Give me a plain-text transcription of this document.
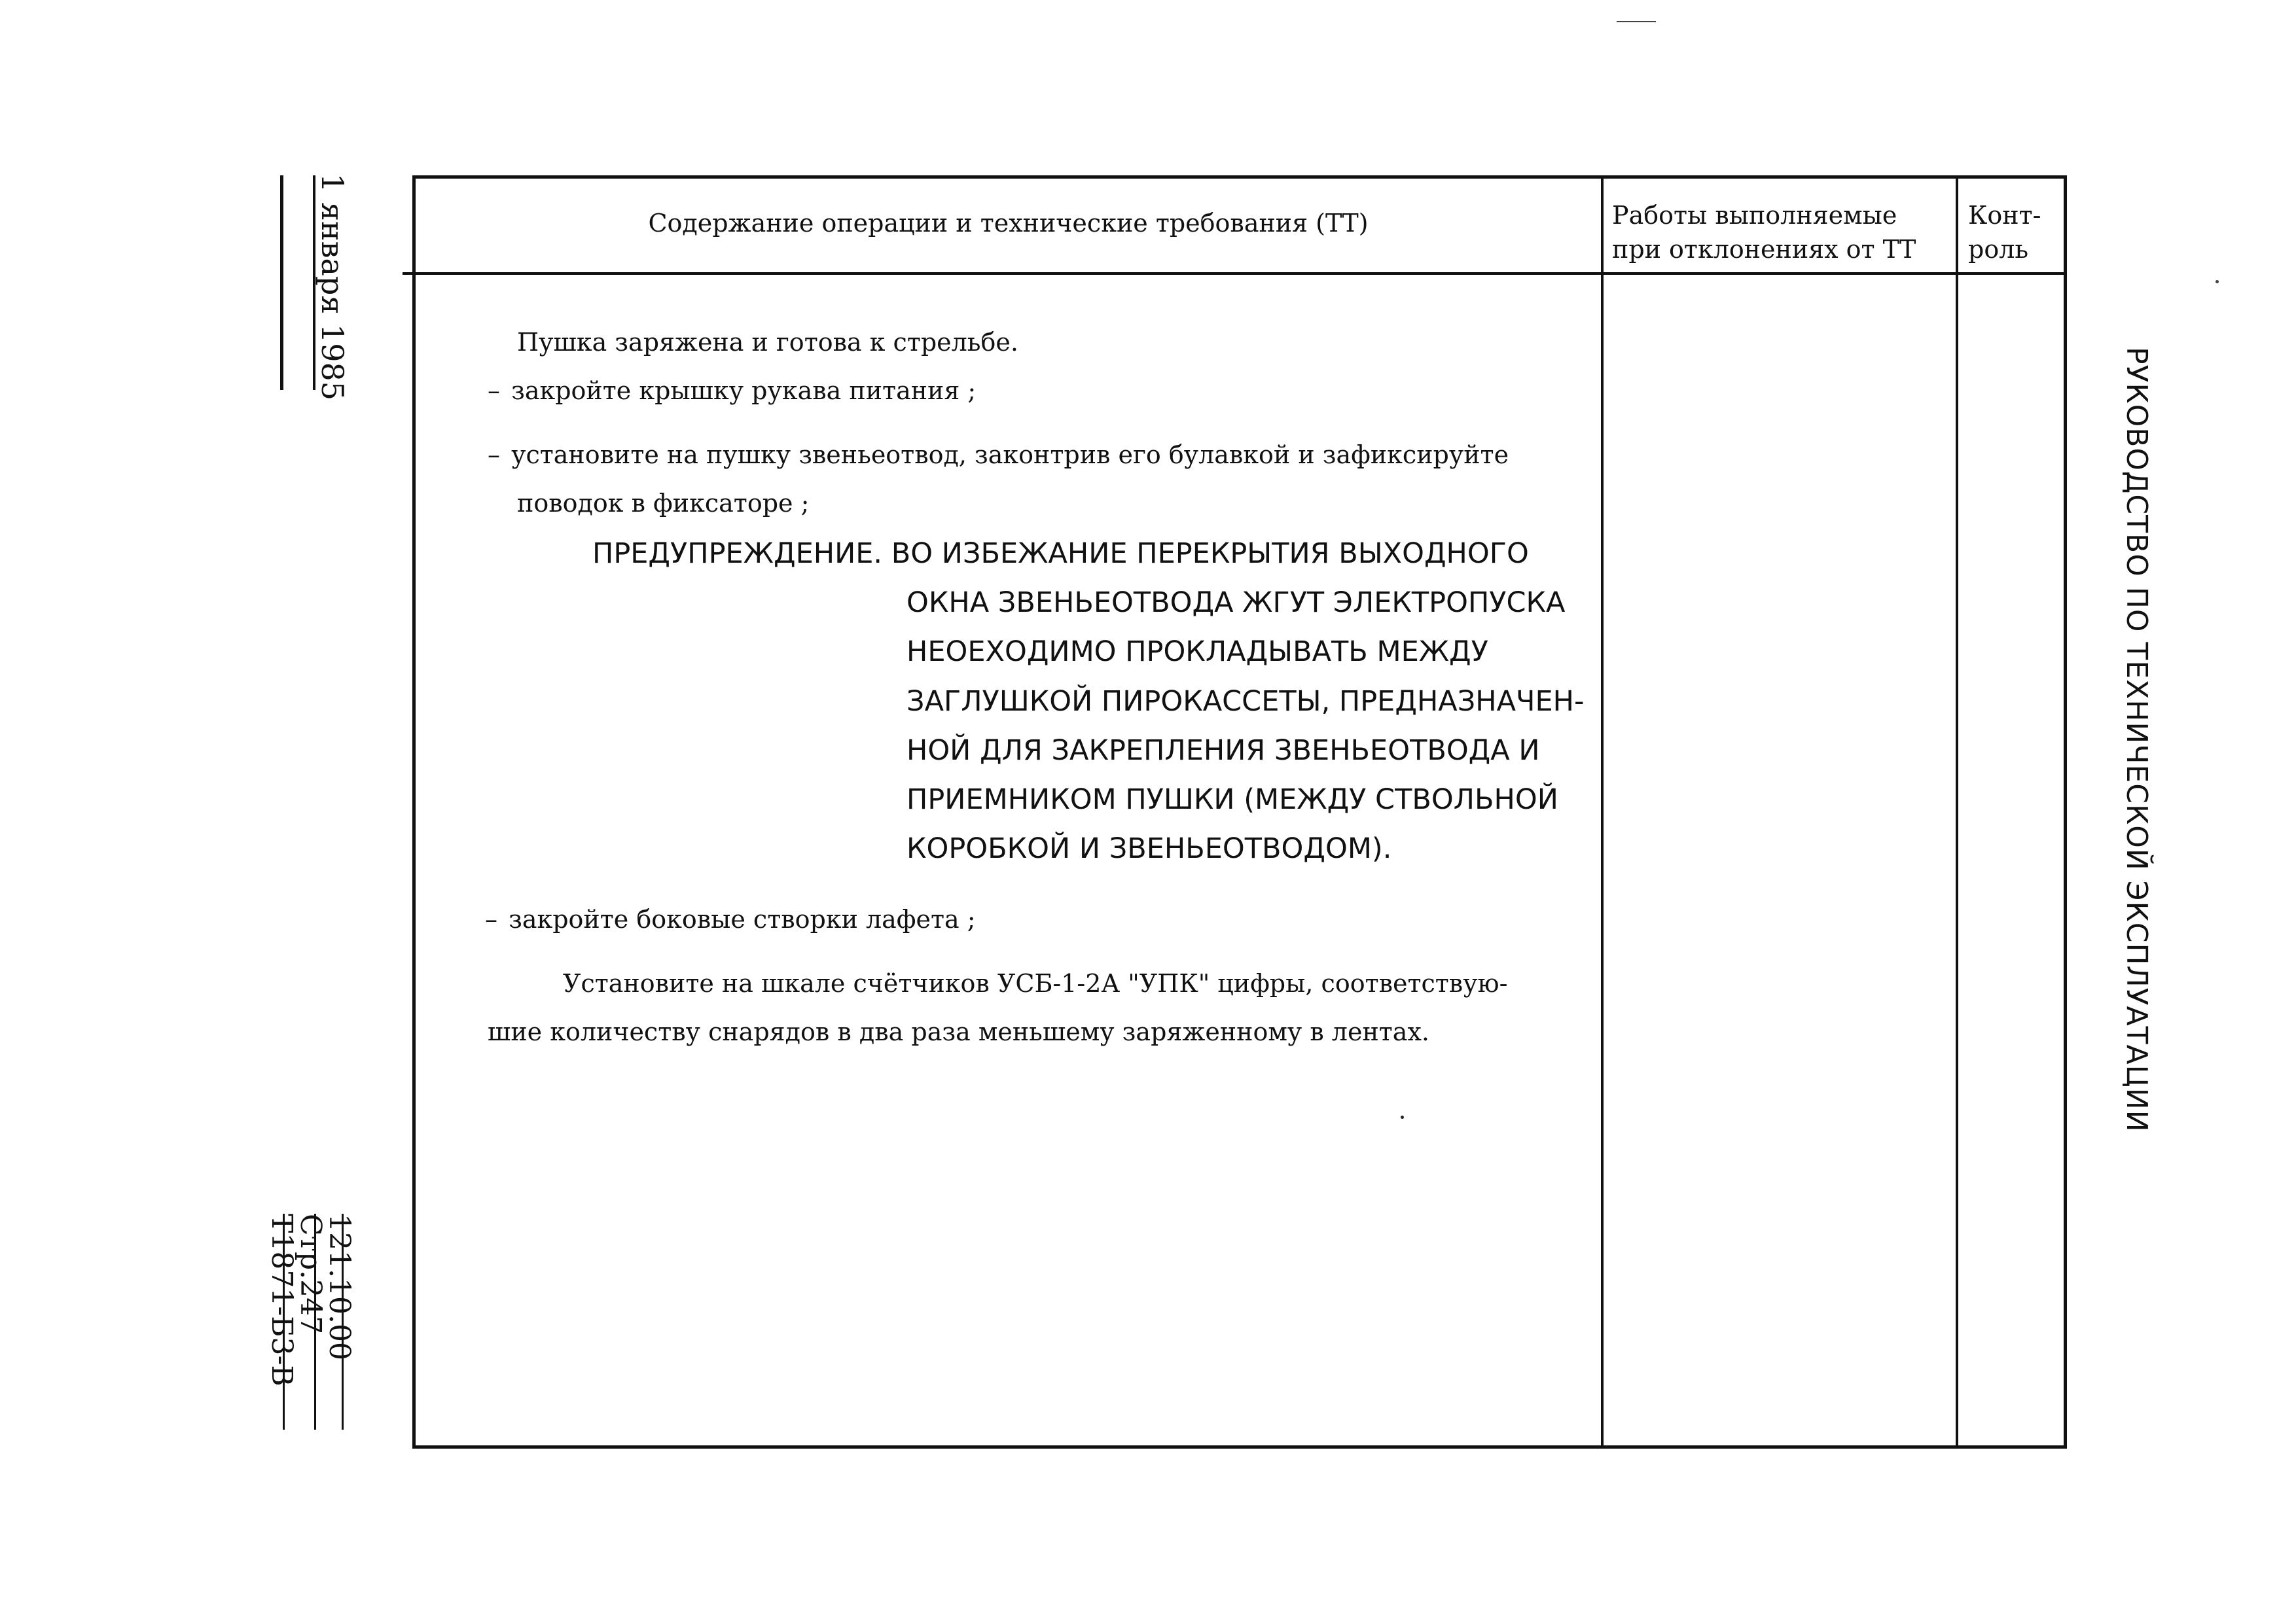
1 января 1985
121.10.00
Стр.247
Т1871-Б3-В
РУКОВОДСТВО ПО ТЕХНИЧЕСКОЙ ЭКСПЛУАТАЦИИ
Содержание операции и технические требования (ТТ)	Работы выполняемые
при отклонениях от ТТ
Конт-
роль
Пушка заряжена и готова к стрельбе.
– закройте крышку рукава питания ;
– установите на пушку звеньеотвод, законтрив его булавкой и зафиксируйте
поводок в фиксаторе ;
ПРЕДУПРЕЖДЕНИЕ. ВО ИЗБЕЖАНИЕ ПЕРЕКРЫТИЯ ВЫХОДНОГО
ОКНА ЗВЕНЬЕОТВОДА ЖГУТ ЭЛЕКТРОПУСКА
НЕОЕХОДИМО ПРОКЛАДЫВАТЬ МЕЖДУ
ЗАГЛУШКОЙ ПИРОКАССЕТЫ, ПРЕДНАЗНАЧЕН-
НОЙ ДЛЯ ЗАКРЕПЛЕНИЯ ЗВЕНЬЕОТВОДА И
ПРИЕМНИКОМ ПУШКИ (МЕЖДУ СТВОЛЬНОЙ
КОРОБКОЙ И ЗВЕНЬЕОТВОДОМ).
– закройте боковые створки лафета ;
Установите на шкале счётчиков УСБ-1-2А "УПК" цифры, соответствую-
шие количеству снарядов в два раза меньшему заряженному в лентах.
